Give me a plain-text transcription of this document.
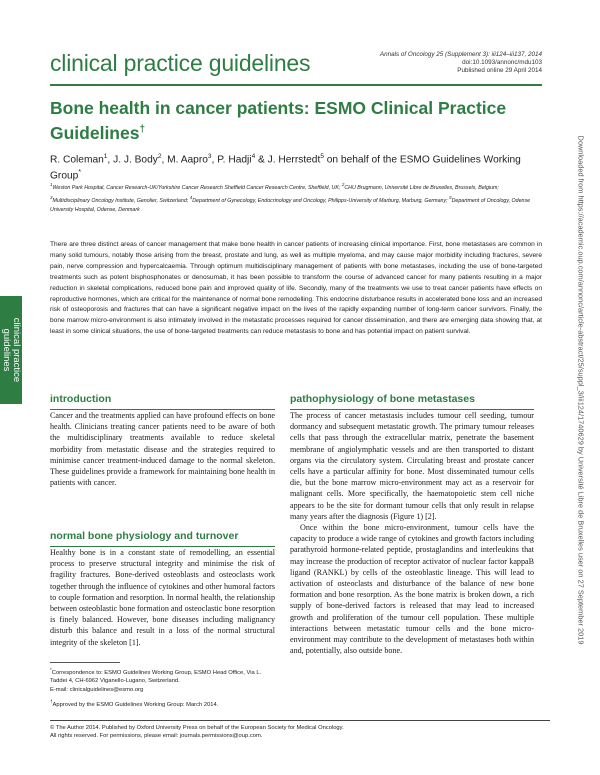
clinical practice guidelines	Annals of Oncology 25 (Supplement 3): iii124–iii137, 2014
doi:10.1093/annonc/mdu103
Published online 29 April 2014
Bone health in cancer patients: ESMO Clinical Practice Guidelines†
R. Coleman$^1$, J. J. Body$^2$, M. Aapro$^3$, P. Hadji$^4$ & J. Herrstedt$^5$ on behalf of the ESMO Guidelines Working Group*
$^1$Weston Park Hospital, Cancer Research-UK/Yorkshire Cancer Research Sheffield Cancer Research Centre, Sheffield, UK; $^2$CHU Brugmann, Université Libre de Bruxelles, Brussels, Belgium; $^3$Multidisciplinary Oncology Institute, Genolier, Switzerland; $^4$Department of Gynecology, Endocrinology and Oncology, Philipps-University of Marburg, Marburg, Germany; $^5$Department of Oncology, Odense University Hospital, Odense, Denmark

There are three distinct areas of cancer management that make bone health in cancer patients of increasing clinical importance. First, bone metastases are common in many solid tumours, notably those arising from the breast, prostate and lung, as well as multiple myeloma, and may cause major morbidity including fractures, severe pain, nerve compression and hypercalcaemia. Through optimum multidisciplinary management of patients with bone metastases, including the use of bone-targeted treatments such as potent bisphosphonates or denosumab, it has been possible to transform the course of advanced cancer for many patients resulting in a major reduction in skeletal complications, reduced bone pain and improved quality of life. Secondly, many of the treatments we use to treat cancer patients have effects on reproductive hormones, which are critical for the maintenance of normal bone remodelling. This endocrine disturbance results in accelerated bone loss and an increased risk of osteoporosis and fractures that can have a significant negative impact on the lives of the rapidly expanding number of long-term cancer survivors. Finally, the bone marrow micro-environment is also intimately involved in the metastatic processes required for cancer dissemination, and there are emerging data showing that, at least in some clinical situations, the use of bone-targeted treatments can reduce metastasis to bone and has potential impact on patient survival.

clinical practice
guidelines	Downloaded from https://academic.oup.com/annonc/article-abstract/25/suppl_3/iii124/1740629 by Université Libre de Bruxelles user on 27 September 2019
introduction

Cancer and the treatments applied can have profound effects on bone health. Clinicians treating cancer patients need to be aware of both the multidisciplinary treatments available to reduce skeletal morbidity from metastatic disease and the strategies required to minimise cancer treatment-induced damage to the normal skeleton. These guidelines provide a framework for maintaining bone health in patients with cancer.

normal bone physiology and turnover

Healthy bone is in a constant state of remodelling, an essential process to preserve structural integrity and minimise the risk of fragility fractures. Bone-derived osteoblasts and osteoclasts work together through the influence of cytokines and other humoral factors to couple formation and resorption. In normal health, the relationship between osteoblastic bone formation and osteoclastic bone resorption is finely balanced. However, bone diseases including malignancy disturb this balance and result in a loss of the normal structural integrity of the skeleton [1].

pathophysiology of bone metastases

The process of cancer metastasis includes tumour cell seeding, tumour dormancy and subsequent metastatic growth. The primary tumour releases cells that pass through the extracellular matrix, penetrate the basement membrane of angiolymphatic vessels and are then transported to distant organs via the circulatory system. Circulating breast and prostate cancer cells have a particular affinity for bone. Most disseminated tumour cells die, but the bone marrow micro-environment may act as a reservoir for malignant cells. More specifically, the haematopoietic stem cell niche appears to be the site for dormant tumour cells that only result in relapse many years after the diagnosis (Figure 1) [2].

Once within the bone micro-environment, tumour cells have the capacity to produce a wide range of cytokines and growth factors including parathyroid hormone-related peptide, prostaglandins and interleukins that may increase the production of receptor activator of nuclear factor kappaB ligand (RANKL) by cells of the osteoblastic lineage. This will lead to activation of osteoclasts and disturbance of the balance of new bone formation and bone resorption. As the bone matrix is broken down, a rich supply of bone-derived factors is released that may lead to increased growth and proliferation of the tumour cell population. These multiple interactions between metastatic tumour cells and the bone micro-environment may contribute to the development of metastases both within and, potentially, also outside bone.

*Correspondence to: ESMO Guidelines Working Group, ESMO Head Office, Via L. Taddei 4, CH-6962 Viganello-Lugano, Switzerland.
E-mail: clinicalguidelines@esmo.org
†Approved by the ESMO Guidelines Working Group: March 2014.
© The Author 2014. Published by Oxford University Press on behalf of the European Society for Medical Oncology.
All rights reserved. For permissions, please email: journals.permissions@oup.com.
